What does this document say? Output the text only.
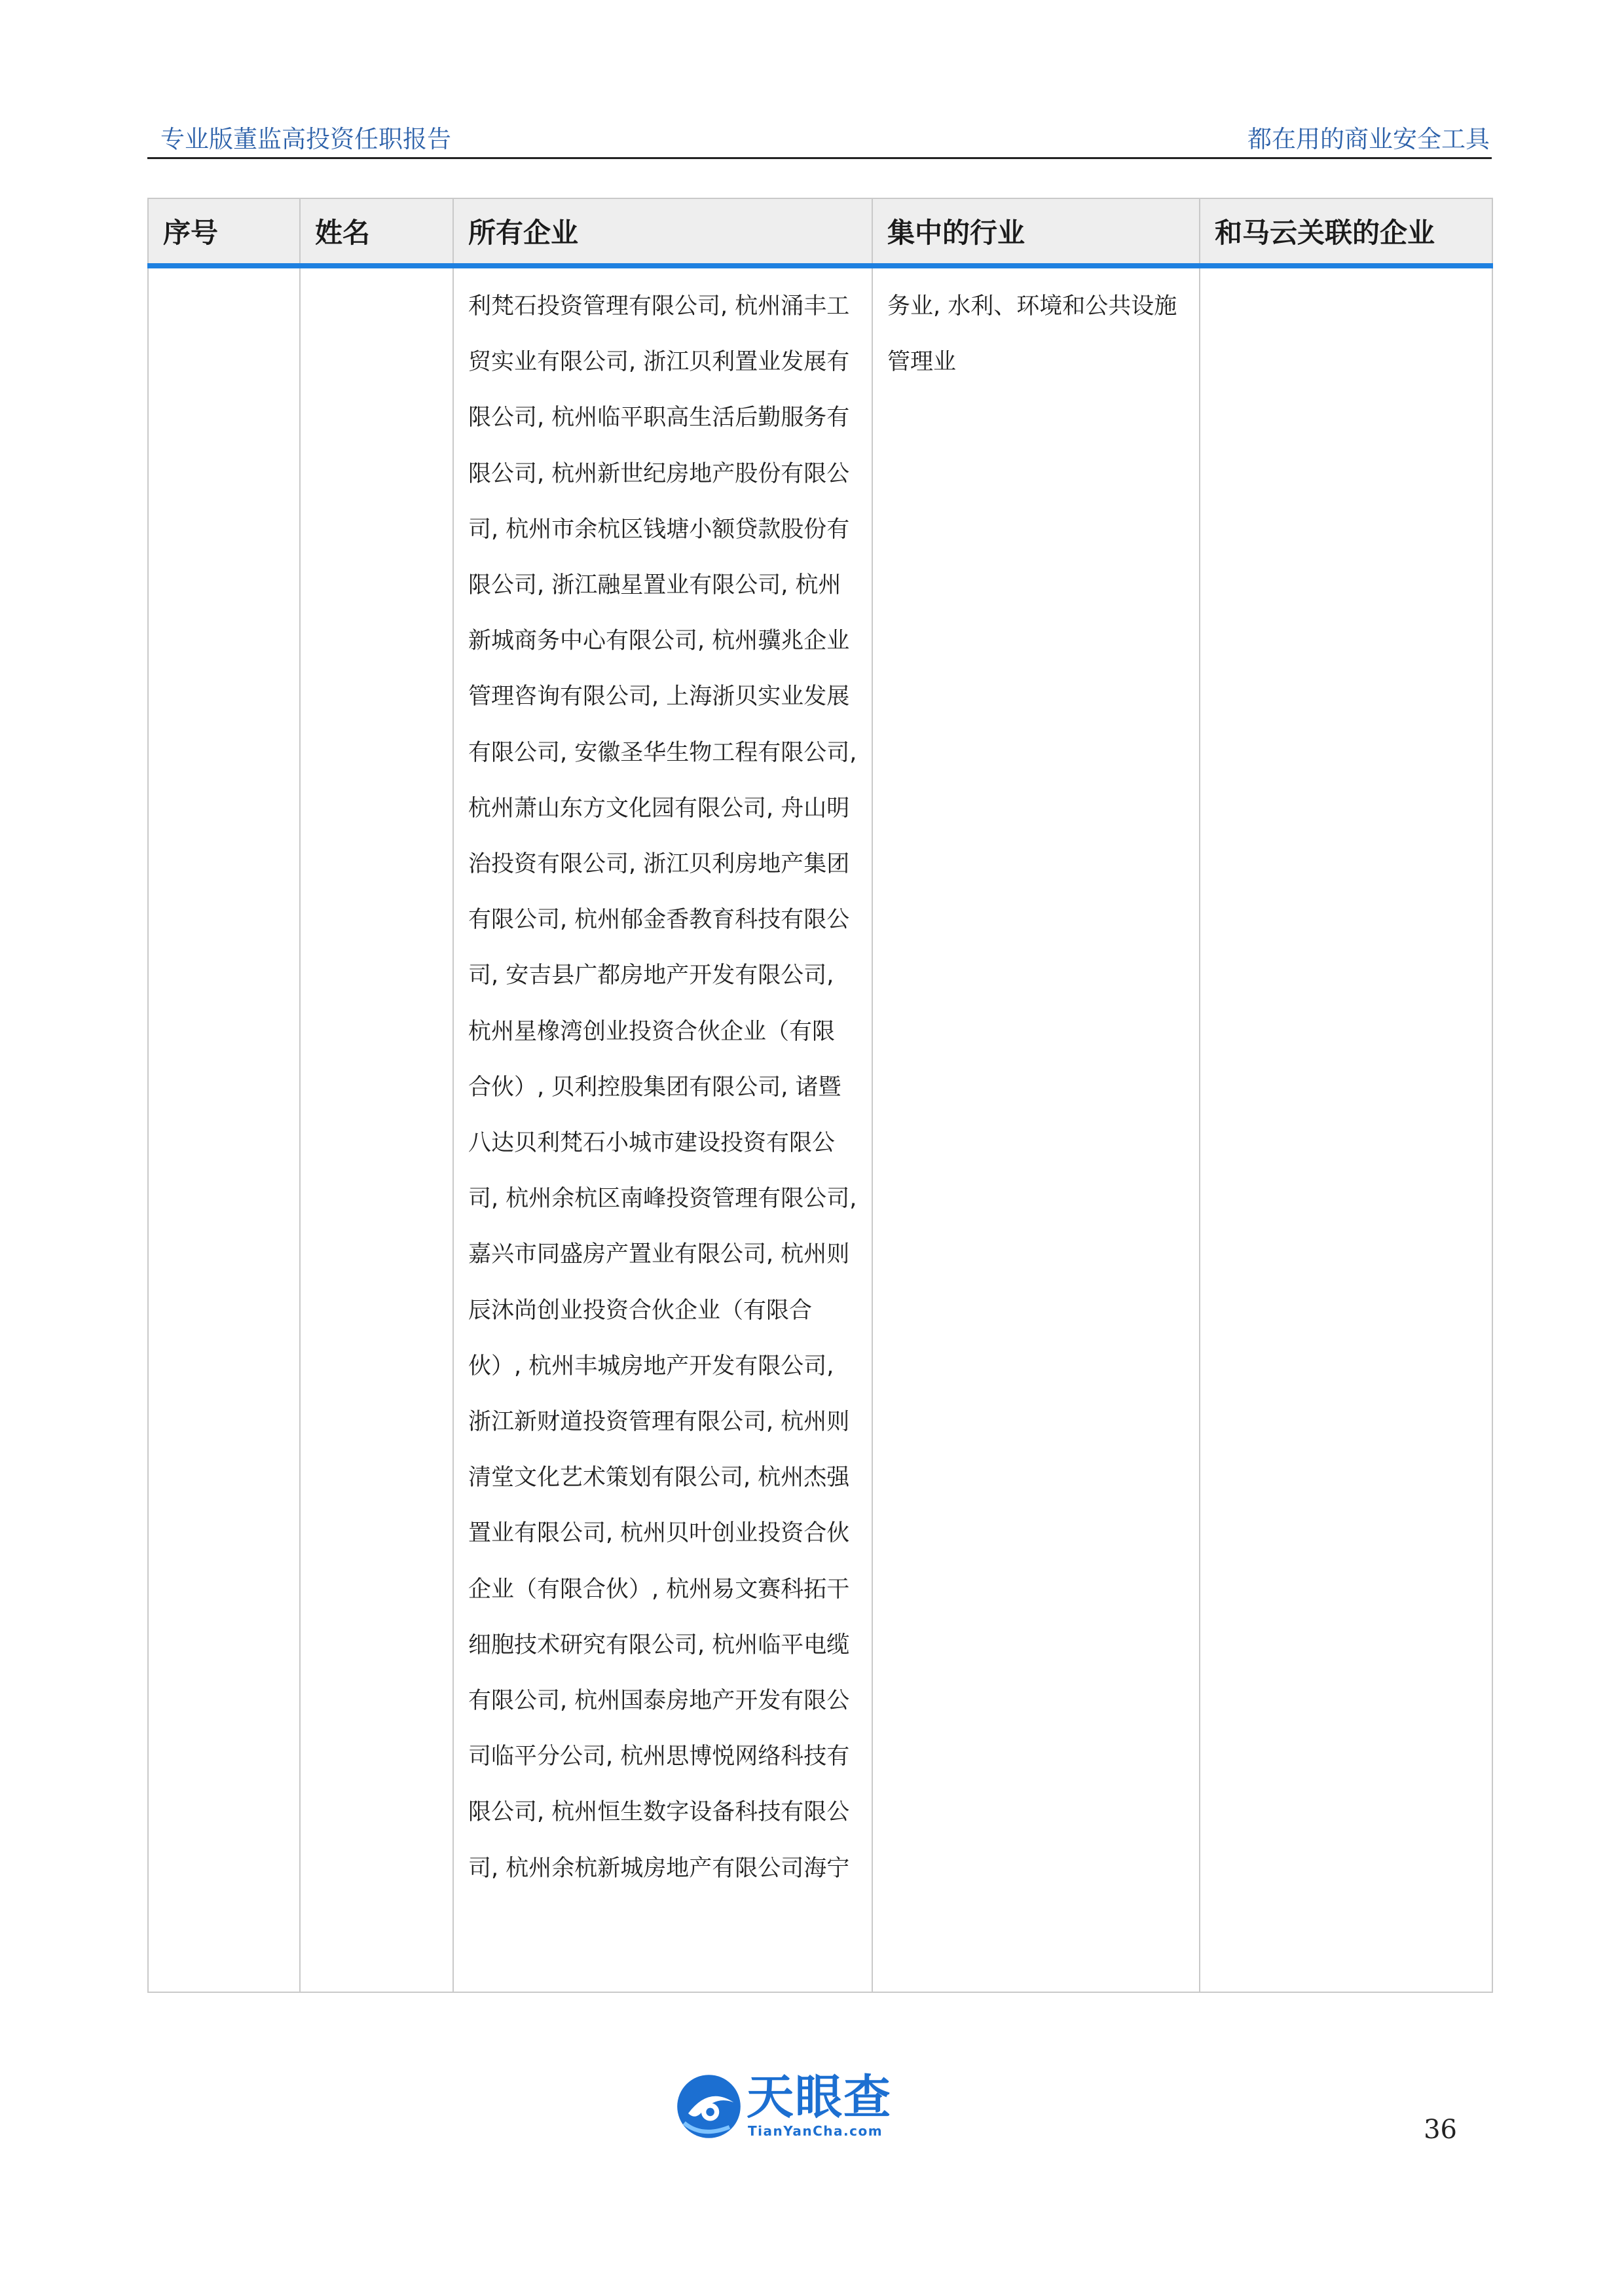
专业版董监高投资任职报告	都在用的商业安全工具
序号	姓名	所有企业	集中的行业	和马云关联的企业

		利梵石投资管理有限公司, 杭州涌丰工贸实业有限公司, 浙江贝利置业发展有限公司, 杭州临平职高生活后勤服务有限公司, 杭州新世纪房地产股份有限公司, 杭州市余杭区钱塘小额贷款股份有限公司, 浙江融星置业有限公司, 杭州新城商务中心有限公司, 杭州骥兆企业管理咨询有限公司, 上海浙贝实业发展有限公司, 安徽圣华生物工程有限公司, 杭州萧山东方文化园有限公司, 舟山明治投资有限公司, 浙江贝利房地产集团有限公司, 杭州郁金香教育科技有限公司, 安吉县广都房地产开发有限公司, 杭州星橡湾创业投资合伙企业（有限合伙）, 贝利控股集团有限公司, 诸暨八达贝利梵石小城市建设投资有限公司, 杭州余杭区南峰投资管理有限公司, 嘉兴市同盛房产置业有限公司, 杭州则辰沐尚创业投资合伙企业（有限合伙）, 杭州丰城房地产开发有限公司, 浙江新财道投资管理有限公司, 杭州则清堂文化艺术策划有限公司, 杭州杰强置业有限公司, 杭州贝叶创业投资合伙企业（有限合伙）, 杭州易文赛科拓干细胞技术研究有限公司, 杭州临平电缆有限公司, 杭州国泰房地产开发有限公司临平分公司, 杭州思博悦网络科技有限公司, 杭州恒生数字设备科技有限公司, 杭州余杭新城房地产有限公司海宁	务业, 水利、环境和公共设施管理业	

天眼查
TianYanCha.com	36
